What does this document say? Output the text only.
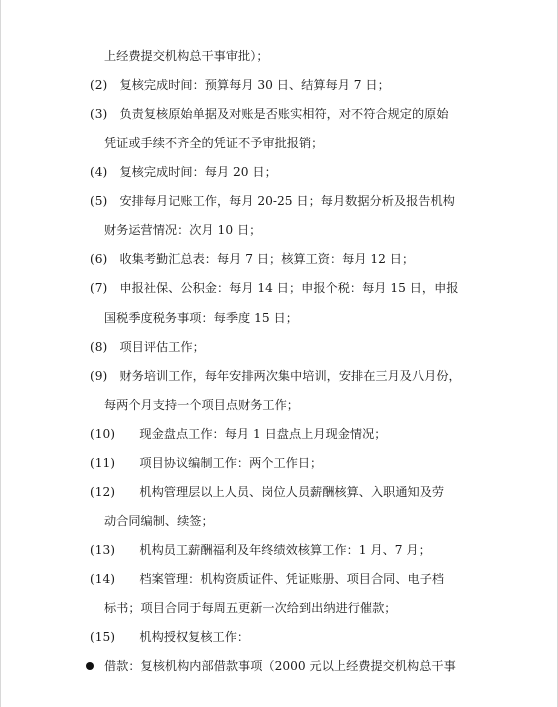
上经费提交机构总干事审批）；
(2)　复核完成时间：预算每月 30 日、结算每月 7 日；
(3)　负责复核原始单据及对账是否账实相符，对不符合规定的原始
凭证或手续不齐全的凭证不予审批报销；
(4)　复核完成时间：每月 20 日；
(5)　安排每月记账工作，每月 20-25 日；每月数据分析及报告机构
财务运营情况：次月 10 日；
(6)　收集考勤汇总表：每月 7 日；核算工资：每月 12 日；
(7)　申报社保、公积金：每月 14 日；申报个税：每月 15 日，申报
国税季度税务事项：每季度 15 日；
(8)　项目评估工作；
(9)　财务培训工作，每年安排两次集中培训，安排在三月及八月份，
每两个月支持一个项目点财务工作；
(10)　　现金盘点工作：每月 1 日盘点上月现金情况；
(11)　　项目协议编制工作：两个工作日；
(12)　　机构管理层以上人员、岗位人员薪酬核算、入职通知及劳
动合同编制、续签；
(13)　　机构员工薪酬福利及年终绩效核算工作：1 月、7 月；
(14)　　档案管理：机构资质证件、凭证账册、项目合同、电子档
标书；项目合同于每周五更新一次给到出纳进行催款；
(15)　　机构授权复核工作：
借款：复核机构内部借款事项（2000 元以上经费提交机构总干事
